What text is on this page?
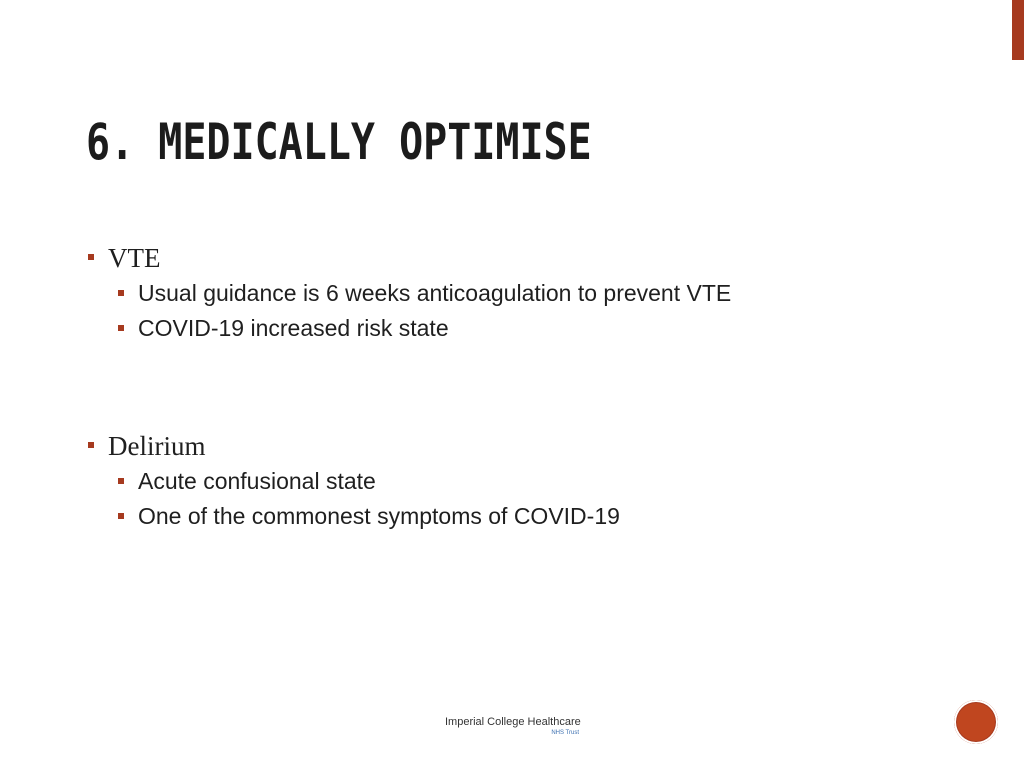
6. MEDICALLY OPTIMISE
VTE
Usual guidance is 6 weeks anticoagulation to prevent VTE
COVID-19 increased risk state
Delirium
Acute confusional state
One of the commonest symptoms of COVID-19
Imperial College Healthcare
NHS Trust
